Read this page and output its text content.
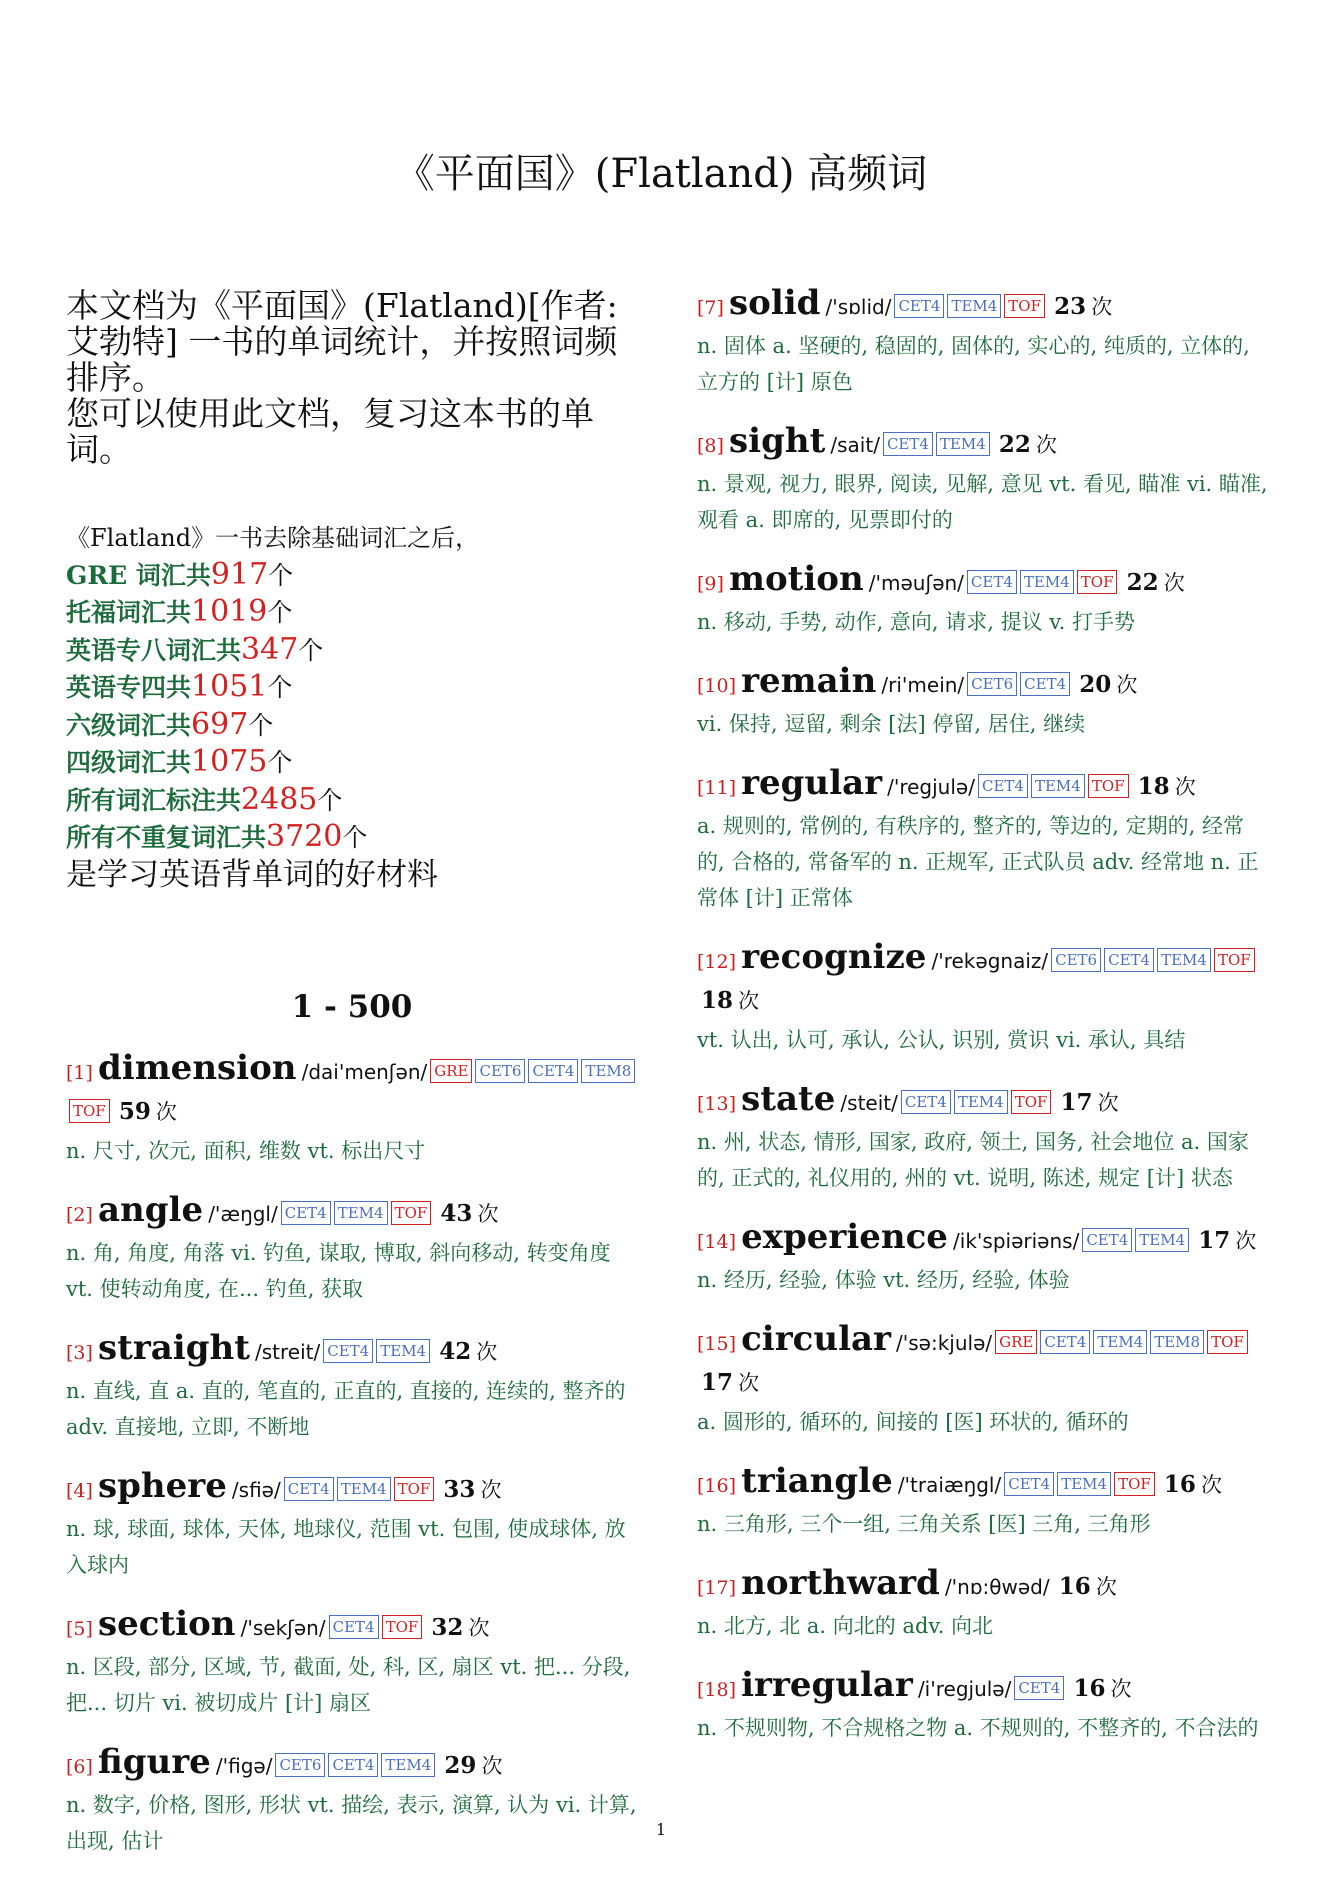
《平面国》(Flatland) 高频词

本文档为《平面国》(Flatland)[作者: 艾勃特] 一书的单词统计，并按照词频排序。

您可以使用此文档，复习这本书的单词。

《Flatland》一书去除基础词汇之后，
GRE 词汇共917个
托福词汇共1019个
英语专八词汇共347个
英语专四共1051个
六级词汇共697个
四级词汇共1075个
所有词汇标注共2485个
所有不重复词汇共3720个
是学习英语背单词的好材料
1 - 500
[1] dimension /dai'menʃən/ GRE CET6 CET4 TEM8TOF 59 次
n. 尺寸, 次元, 面积, 维数 vt. 标出尺寸
[2] angle /'æŋgl/ CET4 TEM4 TOF 43 次
n. 角, 角度, 角落 vi. 钓鱼, 谋取, 博取, 斜向移动, 转变角度 vt. 使转动角度, 在... 钓鱼, 获取
[3] straight /streit/ CET4 TEM4 42 次
n. 直线, 直 a. 直的, 笔直的, 正直的, 直接的, 连续的, 整齐的 adv. 直接地, 立即, 不断地
[4] sphere /sfiə/ CET4 TEM4 TOF 33 次
n. 球, 球面, 球体, 天体, 地球仪, 范围 vt. 包围, 使成球体, 放入球内
[5] section /'sekʃən/ CET4 TOF 32 次
n. 区段, 部分, 区域, 节, 截面, 处, 科, 区, 扇区 vt. 把... 分段, 把... 切片 vi. 被切成片 [计] 扇区
[6] figure /'figə/ CET6 CET4 TEM4 29 次
n. 数字, 价格, 图形, 形状 vt. 描绘, 表示, 演算, 认为 vi. 计算, 出现, 估计
[7] solid /'sɒlid/ CET4 TEM4 TOF 23 次
n. 固体 a. 坚硬的, 稳固的, 固体的, 实心的, 纯质的, 立体的, 立方的 [计] 原色
[8] sight /sait/ CET4 TEM4 22 次
n. 景观, 视力, 眼界, 阅读, 见解, 意见 vt. 看见, 瞄准 vi. 瞄准, 观看 a. 即席的, 见票即付的
[9] motion /'məuʃən/ CET4 TEM4 TOF 22 次
n. 移动, 手势, 动作, 意向, 请求, 提议 v. 打手势
[10] remain /ri'mein/ CET6 CET4 20 次
vi. 保持, 逗留, 剩余 [法] 停留, 居住, 继续
[11] regular /'regjulə/ CET4 TEM4 TOF 18 次
a. 规则的, 常例的, 有秩序的, 整齐的, 等边的, 定期的, 经常的, 合格的, 常备军的 n. 正规军, 正式队员 adv. 经常地 n. 正常体 [计] 正常体
[12] recognize /'rekəgnaiz/ CET6 CET4 TEM4 TOF 18 次
vt. 认出, 认可, 承认, 公认, 识别, 赏识 vi. 承认, 具结
[13] state /steit/ CET4 TEM4 TOF 17 次
n. 州, 状态, 情形, 国家, 政府, 领土, 国务, 社会地位 a. 国家的, 正式的, 礼仪用的, 州的 vt. 说明, 陈述, 规定 [计] 状态
[14] experience /ik'spiəriəns/ CET4 TEM4 17 次
n. 经历, 经验, 体验 vt. 经历, 经验, 体验
[15] circular /'sə:kjulə/ GRE CET4 TEM4 TEM8 TOF 17 次
a. 圆形的, 循环的, 间接的 [医] 环状的, 循环的
[16] triangle /'traiæŋgl/ CET4 TEM4 TOF 16 次
n. 三角形, 三个一组, 三角关系 [医] 三角, 三角形
[17] northward /'nɒ:θwəd/ 16 次
n. 北方, 北 a. 向北的 adv. 向北
[18] irregular /i'regjulə/ CET4 16 次
n. 不规则物, 不合规格之物 a. 不规则的, 不整齐的, 不合法的
1
